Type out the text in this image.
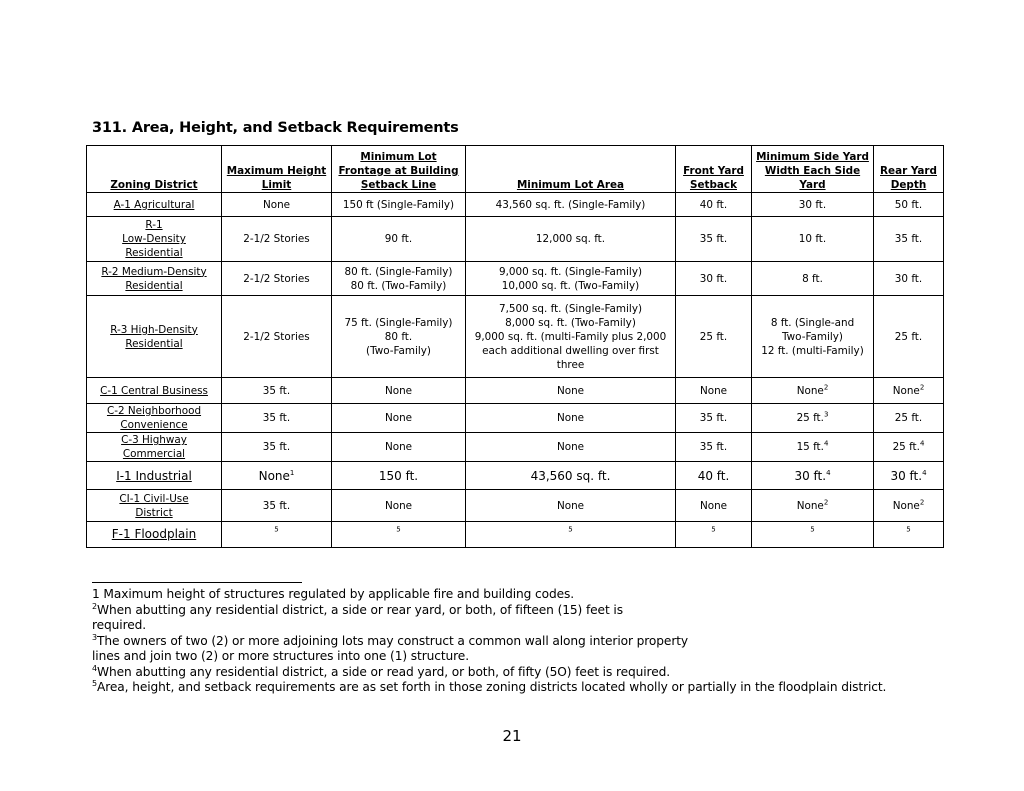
311. Area, Height, and Setback Requirements
Zoning District	Maximum Height Limit	Minimum Lot Frontage at Building Setback Line	Minimum Lot Area	Front Yard Setback	Minimum Side Yard Width Each Side Yard	Rear Yard Depth
A-1 Agricultural	None	150 ft (Single-Family)	43,560 sq. ft. (Single-Family)	40 ft.	30 ft.	50 ft.
R-1
Low-Density
Residential	2-1/2 Stories	90 ft.	12,000 sq. ft.	35 ft.	10 ft.	35 ft.
R-2 Medium-Density
Residential	2-1/2 Stories	80 ft. (Single-Family)
80 ft. (Two-Family)	9,000 sq. ft. (Single-Family)
10,000 sq. ft. (Two-Family)	30 ft.	8 ft.	30 ft.
R-3 High-Density
Residential	2-1/2 Stories	75 ft. (Single-Family)
80 ft.
(Two-Family)	7,500 sq. ft. (Single-Family)
8,000 sq. ft. (Two-Family)
9,000 sq. ft. (multi-Family plus 2,000
each additional dwelling over first
three	25 ft.	8 ft. (Single-and
Two-Family)
12 ft. (multi-Family)	25 ft.
C-1 Central Business	35 ft.	None	None	None	None$^2$	None$^2$
C-2 Neighborhood
Convenience	35 ft.	None	None	35 ft.	25 ft.$^3$	25 ft.
C-3 Highway
Commercial	35 ft.	None	None	35 ft.	15 ft.$^4$	25 ft.$^4$
I-1 Industrial	None$^1$	150 ft.	43,560 sq. ft.	40 ft.	30 ft.$^4$	30 ft.$^4$
CI-1 Civil-Use
District	35 ft.	None	None	None	None$^2$	None$^2$
F-1 Floodplain	$^5$	$^5$	$^5$	$^5$	$^5$	$^5$
1 Maximum height of structures regulated by applicable fire and building codes.
$^2$When abutting any residential district, a side or rear yard, or both, of fifteen (15) feet is
required.
$^3$The owners of two (2) or more adjoining lots may construct a common wall along interior property
lines and join two (2) or more structures into one (1) structure.
$^4$When abutting any residential district, a side or read yard, or both, of fifty (5O) feet is required.
$^5$Area, height, and setback requirements are as set forth in those zoning districts located wholly or partially in the floodplain district.
21
